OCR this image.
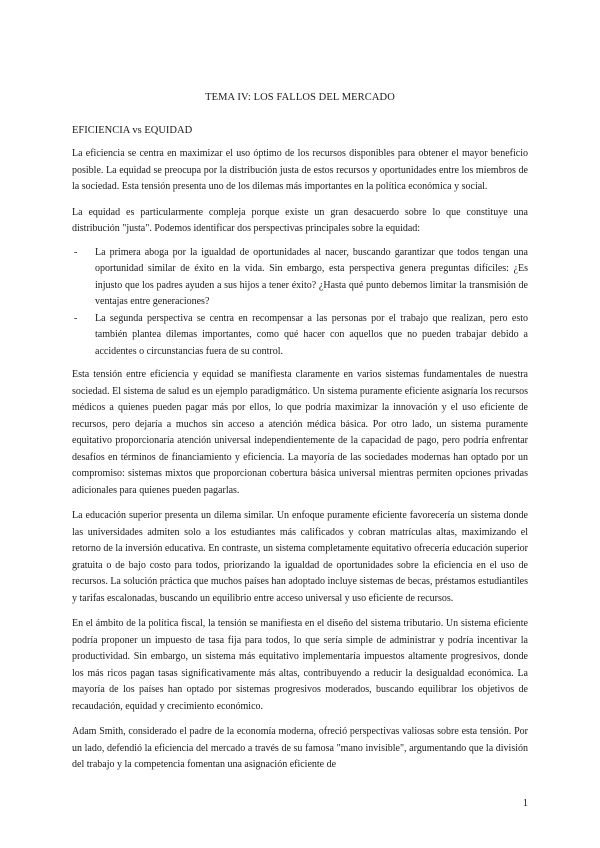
TEMA IV: LOS FALLOS DEL MERCADO
EFICIENCIA vs EQUIDAD

La eficiencia se centra en maximizar el uso óptimo de los recursos disponibles para obtener el mayor beneficio posible. La equidad se preocupa por la distribución justa de estos recursos y oportunidades entre los miembros de la sociedad. Esta tensión presenta uno de los dilemas más importantes en la política económica y social.

La equidad es particularmente compleja porque existe un gran desacuerdo sobre lo que constituye una distribución "justa". Podemos identificar dos perspectivas principales sobre la equidad:

- La primera aboga por la igualdad de oportunidades al nacer, buscando garantizar que todos tengan una oportunidad similar de éxito en la vida. Sin embargo, esta perspectiva genera preguntas difíciles: ¿Es injusto que los padres ayuden a sus hijos a tener éxito? ¿Hasta qué punto debemos limitar la transmisión de ventajas entre generaciones?
- La segunda perspectiva se centra en recompensar a las personas por el trabajo que realizan, pero esto también plantea dilemas importantes, como qué hacer con aquellos que no pueden trabajar debido a accidentes o circunstancias fuera de su control.

Esta tensión entre eficiencia y equidad se manifiesta claramente en varios sistemas fundamentales de nuestra sociedad. El sistema de salud es un ejemplo paradigmático. Un sistema puramente eficiente asignaría los recursos médicos a quienes pueden pagar más por ellos, lo que podría maximizar la innovación y el uso eficiente de recursos, pero dejaría a muchos sin acceso a atención médica básica. Por otro lado, un sistema puramente equitativo proporcionaría atención universal independientemente de la capacidad de pago, pero podría enfrentar desafíos en términos de financiamiento y eficiencia. La mayoría de las sociedades modernas han optado por un compromiso: sistemas mixtos que proporcionan cobertura básica universal mientras permiten opciones privadas adicionales para quienes pueden pagarlas.

La educación superior presenta un dilema similar. Un enfoque puramente eficiente favorecería un sistema donde las universidades admiten solo a los estudiantes más calificados y cobran matrículas altas, maximizando el retorno de la inversión educativa. En contraste, un sistema completamente equitativo ofrecería educación superior gratuita o de bajo costo para todos, priorizando la igualdad de oportunidades sobre la eficiencia en el uso de recursos. La solución práctica que muchos países han adoptado incluye sistemas de becas, préstamos estudiantiles y tarifas escalonadas, buscando un equilibrio entre acceso universal y uso eficiente de recursos.

En el ámbito de la política fiscal, la tensión se manifiesta en el diseño del sistema tributario. Un sistema eficiente podría proponer un impuesto de tasa fija para todos, lo que sería simple de administrar y podría incentivar la productividad. Sin embargo, un sistema más equitativo implementaría impuestos altamente progresivos, donde los más ricos pagan tasas significativamente más altas, contribuyendo a reducir la desigualdad económica. La mayoría de los países han optado por sistemas progresivos moderados, buscando equilibrar los objetivos de recaudación, equidad y crecimiento económico.

Adam Smith, considerado el padre de la economía moderna, ofreció perspectivas valiosas sobre esta tensión. Por un lado, defendió la eficiencia del mercado a través de su famosa "mano invisible", argumentando que la división del trabajo y la competencia fomentan una asignación eficiente de

1
